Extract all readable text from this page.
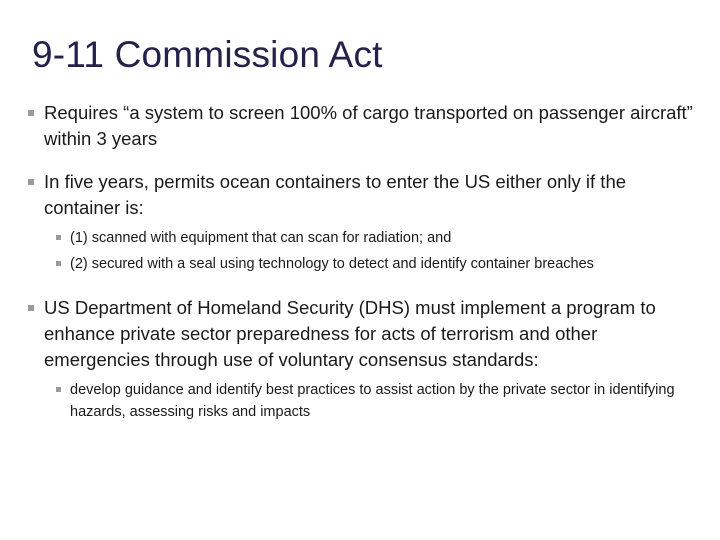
9-11 Commission Act
Requires “a system to screen 100% of cargo transported on passenger aircraft” within 3 years
In five years, permits ocean containers to enter the US either only if the container is:
(1) scanned with equipment that can scan for radiation; and
(2) secured with a seal using technology to detect and identify container breaches
US Department of Homeland Security (DHS) must implement a program to enhance private sector preparedness for acts of terrorism and other emergencies through use of voluntary consensus standards:
develop guidance and identify best practices to assist action by the private sector in identifying hazards, assessing risks and impacts
